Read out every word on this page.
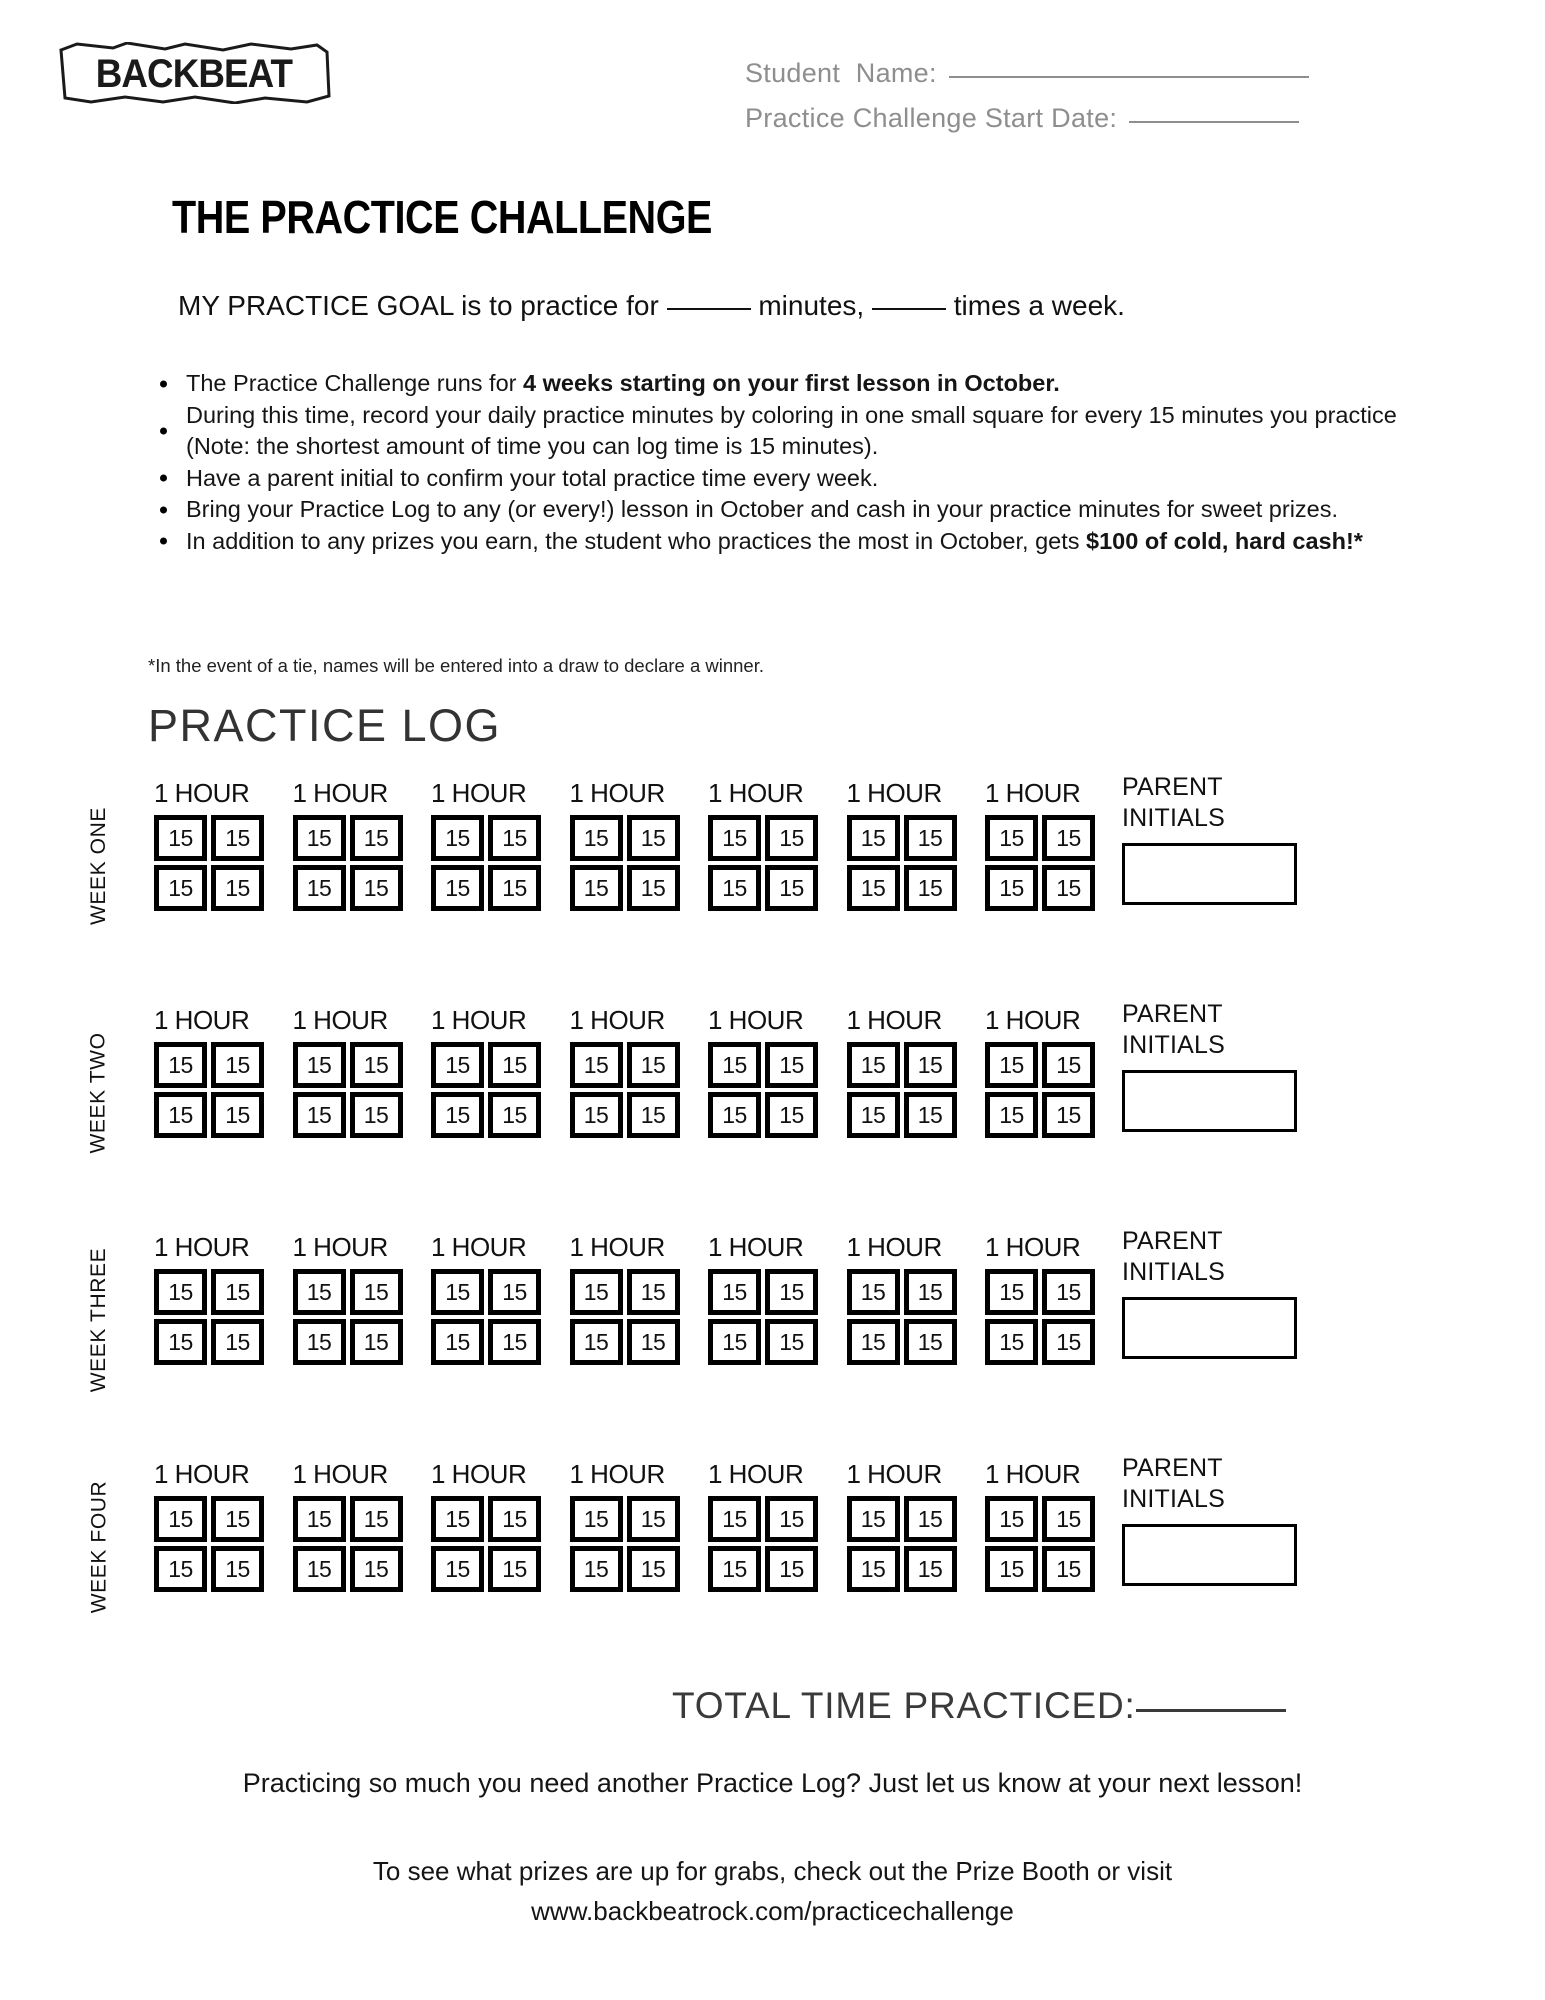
BACKBEAT	Student  Name:
Practice Challenge Start Date:
THE PRACTICE CHALLENGE
MY PRACTICE GOAL is to practice for	minutes,	times a week.
The Practice Challenge runs for 4 weeks starting on your first lesson in October.
During this time, record your daily practice minutes by coloring in one small square for every 15 minutes you practice (Note: the shortest amount of time you can log time is 15 minutes).
Have a parent initial to confirm your total practice time every week.
Bring your Practice Log to any (or every!) lesson in October and cash in your practice minutes for sweet prizes.
In addition to any prizes you earn, the student who practices the most in October, gets $100 of cold, hard cash!*
*In the event of a tie, names will be entered into a draw to declare a winner.
PRACTICE LOG
WEEK ONE
1 HOUR
15	15
15	15
1 HOUR
15	15
15	15
1 HOUR
15	15
15	15
1 HOUR
15	15
15	15
1 HOUR
15	15
15	15
1 HOUR
15	15
15	15
1 HOUR
15	15
15	15
PARENT
INITIALS
WEEK TWO
1 HOUR
15	15
15	15
1 HOUR
15	15
15	15
1 HOUR
15	15
15	15
1 HOUR
15	15
15	15
1 HOUR
15	15
15	15
1 HOUR
15	15
15	15
1 HOUR
15	15
15	15
PARENT
INITIALS
WEEK THREE
1 HOUR
15	15
15	15
1 HOUR
15	15
15	15
1 HOUR
15	15
15	15
1 HOUR
15	15
15	15
1 HOUR
15	15
15	15
1 HOUR
15	15
15	15
1 HOUR
15	15
15	15
PARENT
INITIALS
WEEK FOUR
1 HOUR
15	15
15	15
1 HOUR
15	15
15	15
1 HOUR
15	15
15	15
1 HOUR
15	15
15	15
1 HOUR
15	15
15	15
1 HOUR
15	15
15	15
1 HOUR
15	15
15	15
PARENT
INITIALS
TOTAL TIME PRACTICED:
Practicing so much you need another Practice Log? Just let us know at your next lesson!
To see what prizes are up for grabs, check out the Prize Booth or visit
www.backbeatrock.com/practicechallenge
